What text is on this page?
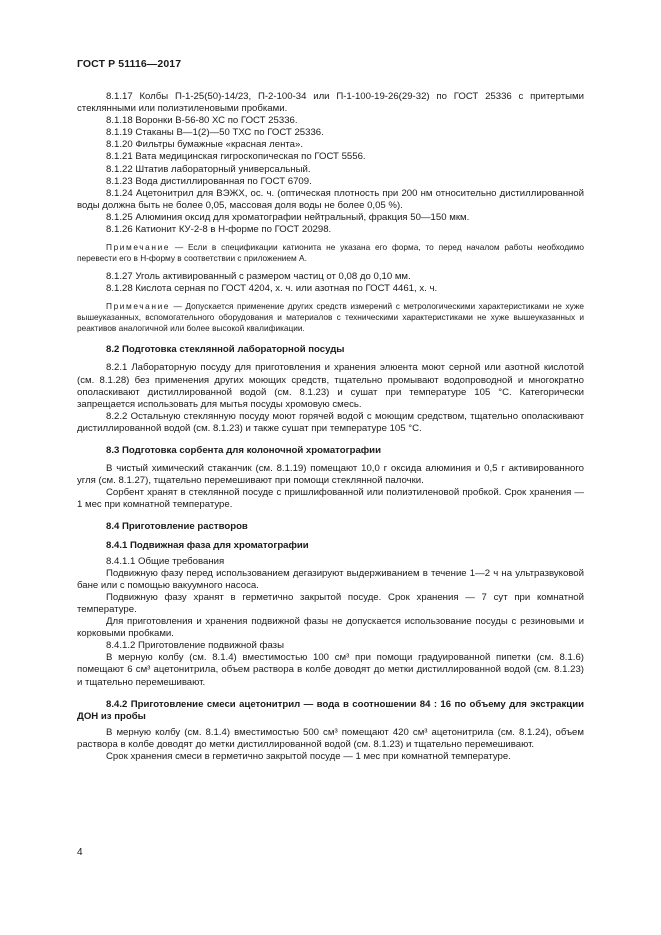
ГОСТ Р 51116—2017

8.1.17 Колбы П-1-25(50)-14/23, П-2-100-34 или П-1-100-19-26(29-32) по ГОСТ 25336 с притертыми стеклянными или полиэтиленовыми пробками.

8.1.18 Воронки В-56-80 ХС по ГОСТ 25336.

8.1.19 Стаканы В—1(2)—50 ТХС по ГОСТ 25336.

8.1.20 Фильтры бумажные «красная лента».

8.1.21 Вата медицинская гигроскопическая по ГОСТ 5556.

8.1.22 Штатив лабораторный универсальный.

8.1.23 Вода дистиллированная по ГОСТ 6709.

8.1.24 Ацетонитрил для ВЭЖХ, ос. ч. (оптическая плотность при 200 нм относительно дистиллированной воды должна быть не более 0,05, массовая доля воды не более 0,05 %).

8.1.25 Алюминия оксид для хроматографии нейтральный, фракция 50—150 мкм.

8.1.26 Катионит КУ-2-8 в Н-форме по ГОСТ 20298.

Примечание — Если в спецификации катионита не указана его форма, то перед началом работы необходимо перевести его в Н-форму в соответствии с приложением А.

8.1.27 Уголь активированный с размером частиц от 0,08 до 0,10 мм.

8.1.28 Кислота серная по ГОСТ 4204, х. ч. или азотная по ГОСТ 4461, х. ч.

Примечание — Допускается применение других средств измерений с метрологическими характеристиками не хуже вышеуказанных, вспомогательного оборудования и материалов с техническими характеристиками не хуже вышеуказанных и реактивов аналогичной или более высокой квалификации.

8.2 Подготовка стеклянной лабораторной посуды

8.2.1 Лабораторную посуду для приготовления и хранения элюента моют серной или азотной кислотой (см. 8.1.28) без применения других моющих средств, тщательно промывают водопроводной и многократно ополаскивают дистиллированной водой (см. 8.1.23) и сушат при температуре 105 °С. Категорически запрещается использовать для мытья посуды хромовую смесь.

8.2.2 Остальную стеклянную посуду моют горячей водой с моющим средством, тщательно ополаскивают дистиллированной водой (см. 8.1.23) и также сушат при температуре 105 °С.

8.3 Подготовка сорбента для колоночной хроматографии

В чистый химический стаканчик (см. 8.1.19) помещают 10,0 г оксида алюминия и 0,5 г активированного угля (см. 8.1.27), тщательно перемешивают при помощи стеклянной палочки.

Сорбент хранят в стеклянной посуде с пришлифованной или полиэтиленовой пробкой. Срок хранения — 1 мес при комнатной температуре.

8.4 Приготовление растворов

8.4.1 Подвижная фаза для хроматографии

8.4.1.1 Общие требования

Подвижную фазу перед использованием дегазируют выдерживанием в течение 1—2 ч на ультразвуковой бане или с помощью вакуумного насоса.

Подвижную фазу хранят в герметично закрытой посуде. Срок хранения — 7 сут при комнатной температуре.

Для приготовления и хранения подвижной фазы не допускается использование посуды с резиновыми и корковыми пробками.

8.4.1.2 Приготовление подвижной фазы

В мерную колбу (см. 8.1.4) вместимостью 100 см³ при помощи градуированной пипетки (см. 8.1.6) помещают 6 см³ ацетонитрила, объем раствора в колбе доводят до метки дистиллированной водой (см. 8.1.23) и тщательно перемешивают.

8.4.2 Приготовление смеси ацетонитрил — вода в соотношении 84 : 16 по объему для экстракции ДОН из пробы

В мерную колбу (см. 8.1.4) вместимостью 500 см³ помещают 420 см³ ацетонитрила (см. 8.1.24), объем раствора в колбе доводят до метки дистиллированной водой (см. 8.1.23) и тщательно перемешивают.

Срок хранения смеси в герметично закрытой посуде — 1 мес при комнатной температуре.

4
